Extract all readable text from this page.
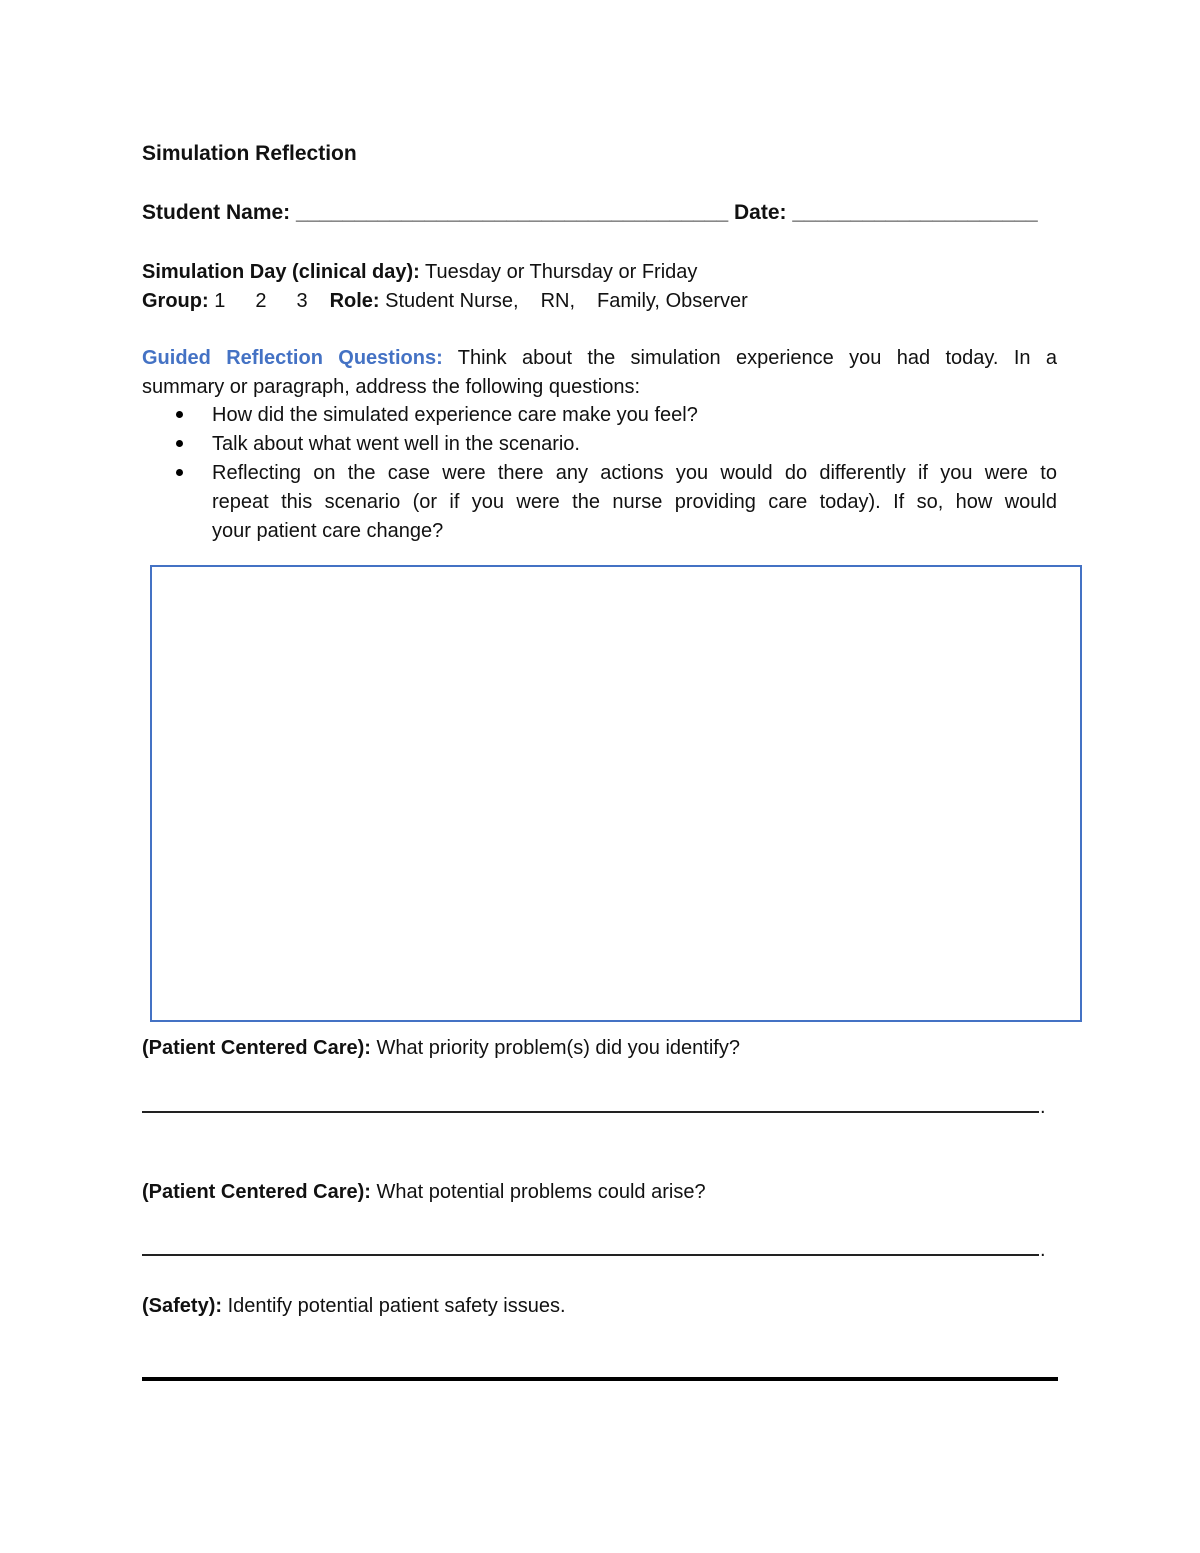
Simulation Reflection
Student Name: _____________________________________ Date: _____________________
Simulation Day (clinical day): Tuesday or Thursday or Friday
Group: 1 2 3 Role: Student Nurse, RN, Family, Observer
Guided Reflection Questions: Think about the simulation experience you had today. In a
summary or paragraph, address the following questions:
How did the simulated experience care make you feel?
Talk about what went well in the scenario.
Reflecting on the case were there any actions you would do differently if you were to
repeat this scenario (or if you were the nurse providing care today). If so, how would
your patient care change?
(Patient Centered Care): What priority problem(s) did you identify?
.
(Patient Centered Care): What potential problems could arise?
.
(Safety): Identify potential patient safety issues.
